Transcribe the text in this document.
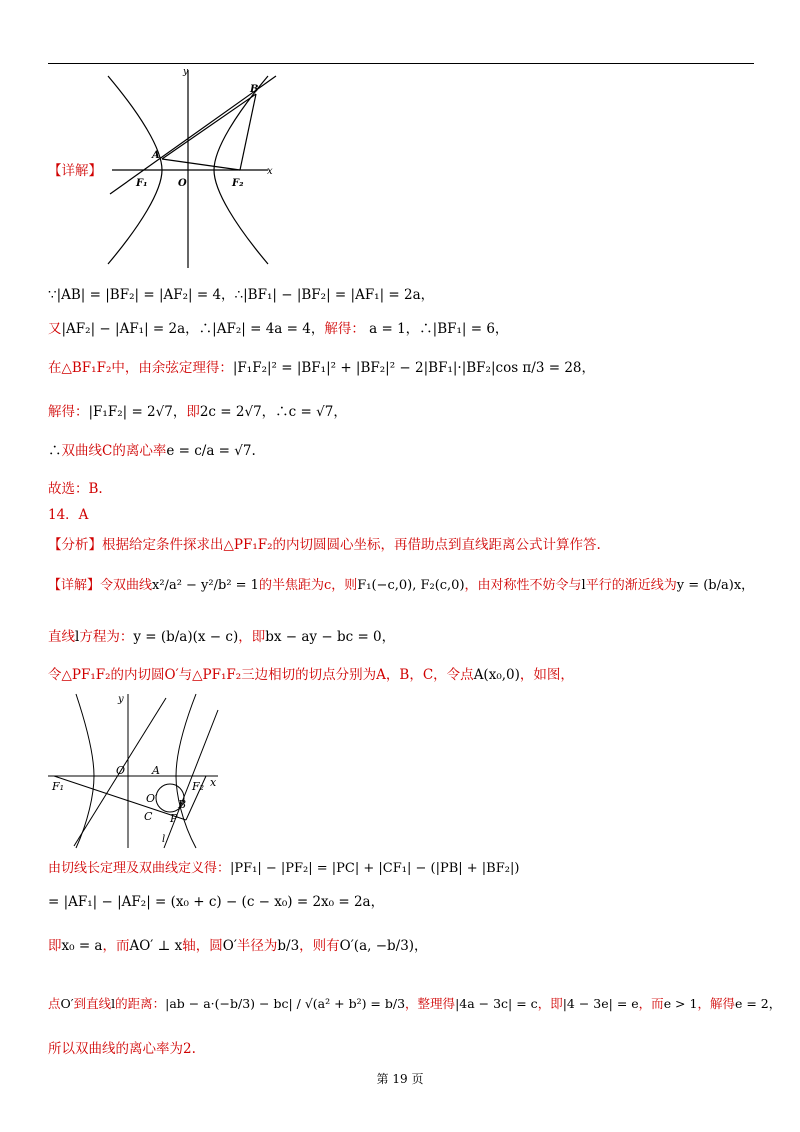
y
x
B
A
O
F₁	F₂
【详解】
∵|AB| = |BF₂| = |AF₂| = 4，∴|BF₁| − |BF₂| = |AF₁| = 2a，
又|AF₂| − |AF₁| = 2a，∴|AF₂| = 4a = 4，解得： a = 1，∴|BF₁| = 6，
在△BF₁F₂中，由余弦定理得：|F₁F₂|² = |BF₁|² + |BF₂|² − 2|BF₁|·|BF₂|cos π/3 = 28，
解得：|F₁F₂| = 2√7，即2c = 2√7，∴c = √7，
∴双曲线C的离心率e = c/a = √7.
故选：B.
14．A
【分析】根据给定条件探求出△PF₁F₂的内切圆圆心坐标，再借助点到直线距离公式计算作答.
【详解】令双曲线x²/a² − y²/b² = 1的半焦距为c，则F₁(−c,0), F₂(c,0)，由对称性不妨令与l平行的渐近线为y = (b/a)x，
直线l方程为：y = (b/a)(x − c)，即bx − ay − bc = 0，
令△PF₁F₂的内切圆O′与△PF₁F₂三边相切的切点分别为A，B，C，令点A(x₀,0)，如图，
y
x
O A
F₁	F₂
O′ B
C P
l
由切线长定理及双曲线定义得：|PF₁| − |PF₂| = |PC| + |CF₁| − (|PB| + |BF₂|)
= |AF₁| − |AF₂| = (x₀ + c) − (c − x₀) = 2x₀ = 2a，
即x₀ = a，而AO′ ⊥ x轴，圆O′半径为b/3，则有O′(a, −b/3)，
点O′到直线l的距离：|ab − a·(−b/3) − bc| / √(a² + b²) = b/3，整理得|4a − 3c| = c，即|4 − 3e| = e，而e > 1，解得e = 2，
所以双曲线的离心率为2.
第 19 页
